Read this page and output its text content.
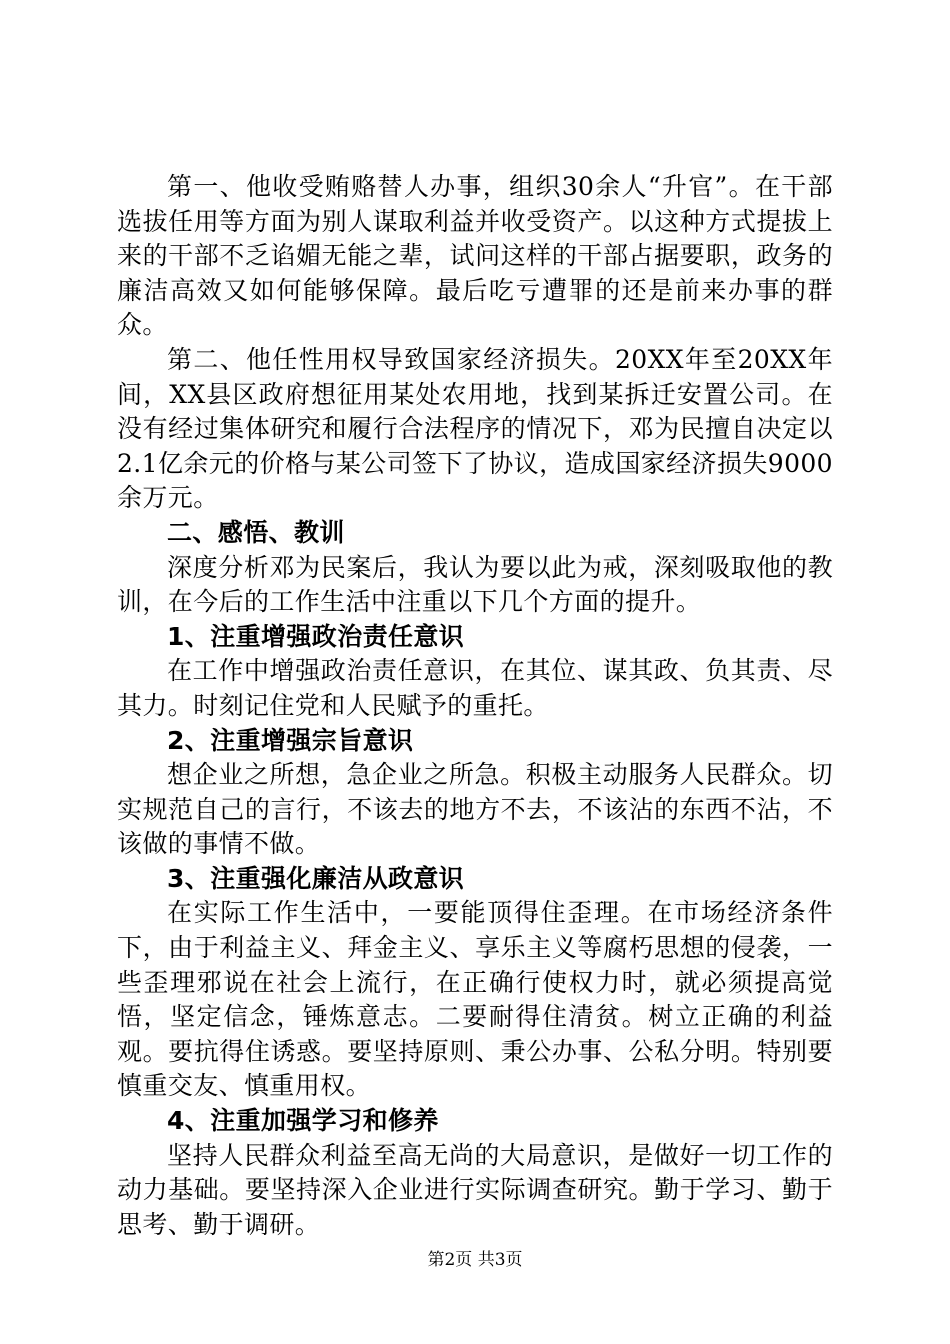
第一、他收受贿赂替人办事，组织30余人“升官”。在干部选拔任用等方面为别人谋取利益并收受资产。以这种方式提拔上来的干部不乏谄媚无能之辈，试问这样的干部占据要职，政务的廉洁高效又如何能够保障。最后吃亏遭罪的还是前来办事的群众。

第二、他任性用权导致国家经济损失。20XX年至20XX年间，XX县区政府想征用某处农用地，找到某拆迁安置公司。在没有经过集体研究和履行合法程序的情况下，邓为民擅自决定以2.1亿余元的价格与某公司签下了协议，造成国家经济损失9000余万元。

二、感悟、教训

深度分析邓为民案后，我认为要以此为戒，深刻吸取他的教训，在今后的工作生活中注重以下几个方面的提升。

1、注重增强政治责任意识

在工作中增强政治责任意识，在其位、谋其政、负其责、尽其力。时刻记住党和人民赋予的重托。

2、注重增强宗旨意识

想企业之所想，急企业之所急。积极主动服务人民群众。切实规范自己的言行，不该去的地方不去，不该沾的东西不沾，不该做的事情不做。

3、注重强化廉洁从政意识

在实际工作生活中，一要能顶得住歪理。在市场经济条件下，由于利益主义、拜金主义、享乐主义等腐朽思想的侵袭，一些歪理邪说在社会上流行，在正确行使权力时，就必须提高觉悟，坚定信念，锤炼意志。二要耐得住清贫。树立正确的利益观。要抗得住诱惑。要坚持原则、秉公办事、公私分明。特别要慎重交友、慎重用权。

4、注重加强学习和修养

坚持人民群众利益至高无尚的大局意识，是做好一切工作的动力基础。要坚持深入企业进行实际调查研究。勤于学习、勤于思考、勤于调研。

第2页 共3页
